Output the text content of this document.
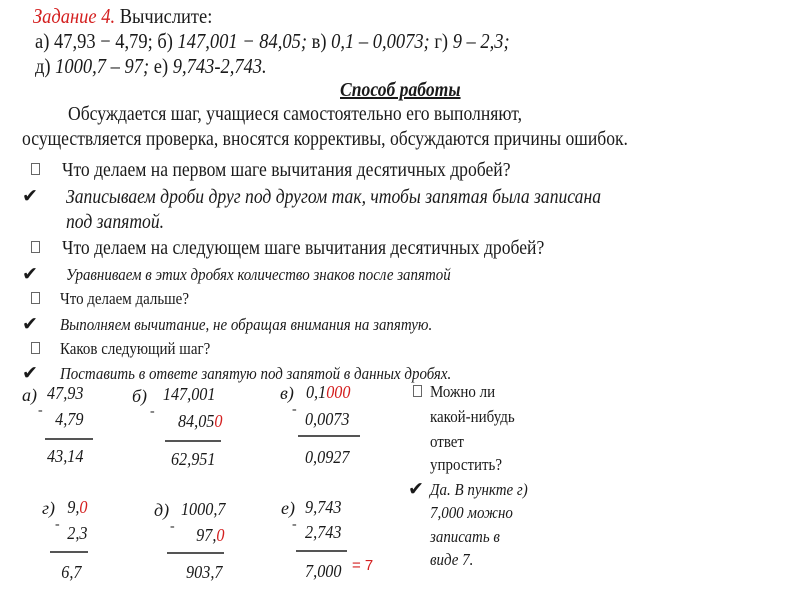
Задание 4. Вычислите:
а) 47,93 − 4,79; б) 147,001 − 84,05; в) 0,1 – 0,0073; г) 9 – 2,3;
д) 1000,7 – 97; е) 9,743-2,743.
Способ работы
Обсуждается шаг, учащиеся самостоятельно его выполняют,
осуществляется проверка, вносятся коррективы, обсуждаются причины ошибок.
Что делаем на первом шаге вычитания десятичных дробей?
✔ Записываем дроби друг под другом так, чтобы запятая была записана
под запятой.
Что делаем на следующем шаге вычитания десятичных дробей?
✔ Уравниваем в этих дробях количество знаков после запятой
Что делаем дальше?
✔ Выполняем вычитание, не обращая внимания на запятую.
Каков следующий шаг?
✔ Поставить в ответе запятую под запятой в данных дробях.
а)
-
47,93
4,79
43,14
б)
-
147,001
84,050
62,951
в)
-
0,1000
0,0073
0,0927
г)
-
9,0
2,3
6,7
д)
-
1000,7
97,0
903,7
е)
-
9,743
2,743
7,000 = 7
Можно ли
какой-нибудь
ответ
упростить?
✔ Да. В пункте г)
7,000 можно
записать в
виде 7.
